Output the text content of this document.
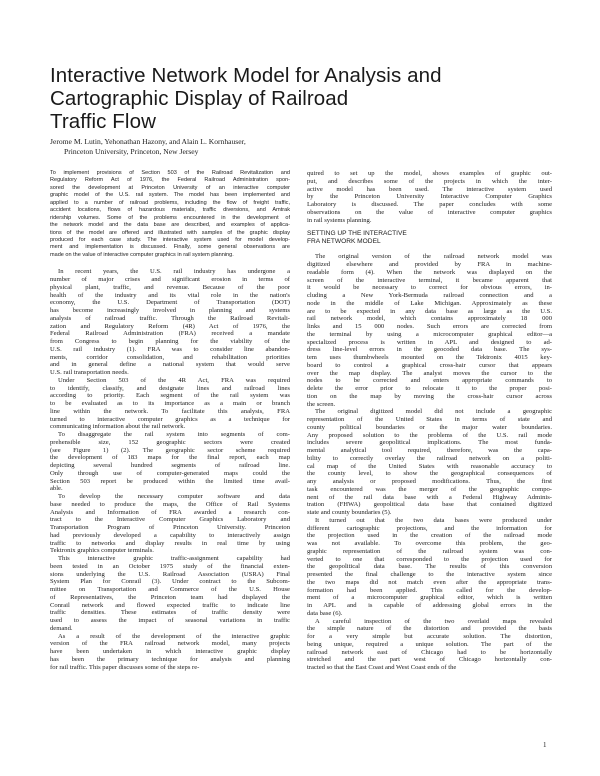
Interactive Network Model for Analysis and
Cartographic Display of Railroad
Traffic Flow
Jerome M. Lutin, Yehonathan Hazony, and Alain L. Kornhauser,
Princeton University, Princeton, New Jersey
To implement provisions of Section 503 of the Railroad Revitalization and
Regulatory Reform Act of 1976, the Federal Railroad Administration spon-
sored the development at Princeton University of an interactive computer
graphic model of the U.S. rail system. The model has been implemented and
applied to a number of railroad problems, including the flow of freight traffic,
accident locations, flows of hazardous materials, traffic diversions, and Amtrak
ridership volumes. Some of the problems encountered in the development of
the network model and the data base are described, and examples of applica-
tions of the model are offered and illustrated with samples of the graphic display
produced for each case study. The interactive system used for model develop-
ment and implementation is discussed. Finally, some general observations are
made on the value of interactive computer graphics in rail system planning.
In recent years, the U.S. rail industry has undergone a
number of major crises and significant erosion in terms of
physical plant, traffic, and revenue. Because of the poor
health of the industry and its vital role in the nation's
economy, the U.S. Department of Transportation (DOT)
has become increasingly involved in planning and systems
analysis of railroad traffic. Through the Railroad Revitali-
zation and Regulatory Reform (4R) Act of 1976, the
Federal Railroad Administration (FRA) received a mandate
from Congress to begin planning for the viability of the
U.S. rail industry (1). FRA was to consider line abandon-
ments, corridor consolidation, and rehabilitation priorities
and in general define a national system that would serve
U.S. rail transportation needs.
Under Section 503 of the 4R Act, FRA was required
to identify, classify, and designate lines and railroad lines
according to priority. Each segment of the rail system was
to be evaluated as to its importance as a main or branch
line within the network. To facilitate this analysis, FRA
turned to interactive computer graphics as a technique for
communicating information about the rail network.
To disaggregate the rail system into segments of com-
prehensible size, 152 geographic sectors were created
(see Figure 1) (2). The geographic sector scheme required
the development of 183 maps for the final report, each map
depicting several hundred segments of railroad line.
Only through use of computer-generated maps could the
Section 503 report be produced within the limited time avail-
able.
To develop the necessary computer software and data
base needed to produce the maps, the Office of Rail Systems
Analysis and Information of FRA awarded a research con-
tract to the Interactive Computer Graphics Laboratory and
Transportation Program of Princeton University. Princeton
had previously developed a capability to interactively assign
traffic to networks and display results in real time by using
Tektronix graphics computer terminals.
This interactive graphic traffic-assignment capability had
been tested in an October 1975 study of the financial exten-
sions underlying the U.S. Railroad Association (USRA) Final
System Plan for Conrail (3). Under contract to the Subcom-
mittee on Transportation and Commerce of the U.S. House
of Representatives, the Princeton team had displayed the
Conrail network and flowed expected traffic to indicate line
traffic densities. These estimates of traffic density were
used to assess the impact of seasonal variations in traffic
demand.
As a result of the development of the interactive graphic
version of the FRA railroad network model, many projects
have been undertaken in which interactive graphic display
has been the primary technique for analysis and planning
for rail traffic. This paper discusses some of the steps re-
quired to set up the model, shows examples of graphic out-
put, and describes some of the projects in which the inter-
active model has been used. The interactive system used
by the Princeton University Interactive Computer Graphics
Laboratory is discussed. The paper concludes with some
observations on the value of interactive computer graphics
in rail systems planning.
SETTING UP THE INTERACTIVE
FRA NETWORK MODEL
The original version of the railroad network model was
digitized elsewhere and provided by FRA in machine-
readable form (4). When the network was displayed on the
screen of the interactive terminal, it became apparent that
it would be necessary to correct for obvious errors, in-
cluding a New York-Bermuda railroad connection and a
node in the middle of Lake Michigan. Approximately as these
are to be expected in any data base as large as the U.S.
rail network model, which contains approximately 18 000
links and 15 000 nodes. Such errors are corrected from
the terminal by using a microcomputer graphical editor—a
specialized process is written in APL and designed to ad-
dress line-level errors in the geocoded data base. The sys-
tem uses thumbwheels mounted on the Tektronix 4015 key-
board to control a graphical cross-hair cursor that appears
over the map display. The analyst moves the cursor to the
nodes to be corrected and enters appropriate commands to
delete the error prior to relocate it to the proper posi-
tion on the map by moving the cross-hair cursor across
the screen.
The original digitized model did not include a geographic
representation of the United States in terms of state and
county political boundaries or the major water boundaries.
Any proposed solution to the problems of the U.S. rail mode
includes severe geopolitical implications. The most funda-
mental analytical tool required, therefore, was the capa-
bility to correctly overlay the railroad network on a politi-
cal map of the United States with reasonable accuracy to
the county level, to show the geographical consequences of
any analysis or proposed modifications. Thus, the first
task encountered was the merger of the geographic compo-
nent of the rail data base with a Federal Highway Adminis-
tration (FHWA) geopolitical data base that contained digitized
state and county boundaries (5).
It turned out that the two data bases were produced under
different cartographic projections, and the information for
the projection used in the creation of the railroad mode
was not available. To overcome this problem, the geo-
graphic representation of the railroad system was con-
verted to one that corresponded to the projection used for
the geopolitical data base. The results of this conversion
presented the final challenge to the interactive system since
the two maps did not match even after the appropriate trans-
formation had been applied. This called for the develop-
ment of a microcomputer graphical editor, which is written
in APL and is capable of addressing global errors in the
data base (6).
A careful inspection of the two overlaid maps revealed
the simple nature of the distortion and provided the basis
for a very simple but accurate solution. The distortion,
being unique, required a unique solution. The part of the
railroad network east of Chicago had to be horizontally
stretched and the part west of Chicago horizontally con-
tracted so that the East Coast and West Coast ends of the
1
